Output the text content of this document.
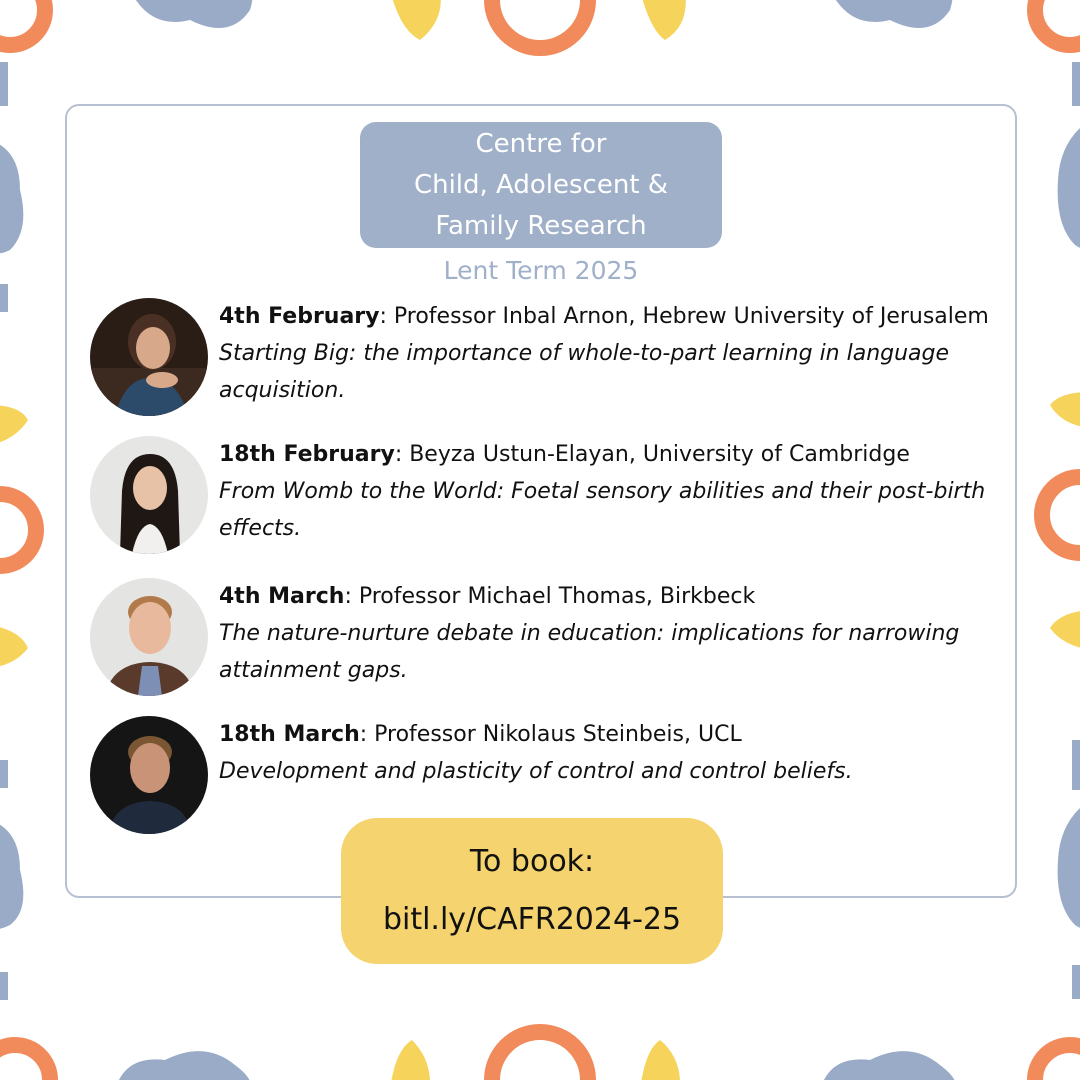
Centre for
Child, Adolescent &
Family Research
Lent Term 2025
4th February: Professor Inbal Arnon, Hebrew University of Jerusalem
Starting Big: the importance of whole-to-part learning in language acquisition.
18th February: Beyza Ustun-Elayan, University of Cambridge
From Womb to the World: Foetal sensory abilities and their post-birth effects.
4th March: Professor Michael Thomas, Birkbeck
The nature-nurture debate in education: implications for narrowing attainment gaps.
18th March: Professor Nikolaus Steinbeis, UCL
Development and plasticity of control and control beliefs.
To book:
bitl.ly/CAFR2024-25
